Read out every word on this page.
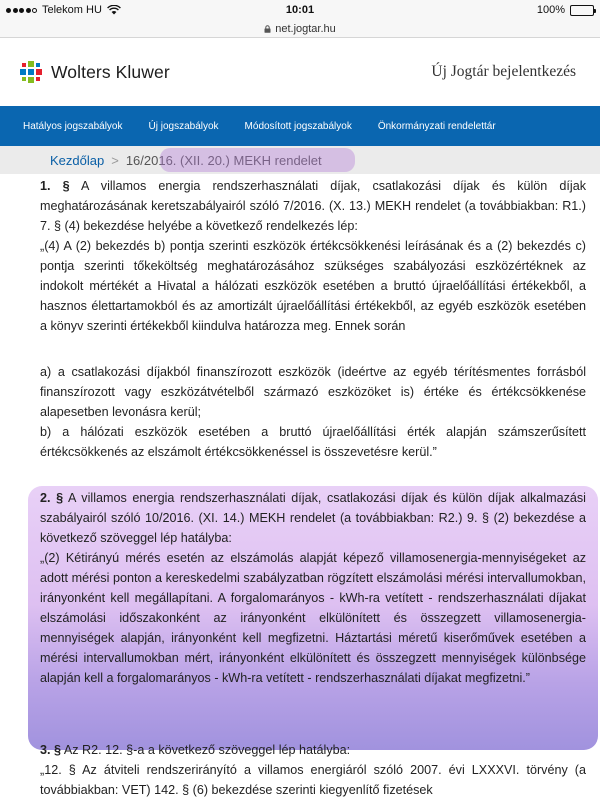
Telekom HU	10:01	100%
net.jogtar.hu
Wolters Kluwer	Új Jogtár bejelentkezés
Hatályos jogszabályok	Új jogszabályok	Módosított jogszabályok	Önkormányzati rendelettár
Kezdőlap > 16/2016. (XII. 20.) MEKH rendelet

1. § A villamos energia rendszerhasználati díjak, csatlakozási díjak és külön díjak meghatározásának keretszabályairól szóló 7/2016. (X. 13.) MEKH rendelet (a továbbiakban: R1.) 7. § (4) bekezdése helyébe a következő rendelkezés lép:

„(4) A (2) bekezdés b) pontja szerinti eszközök értékcsökkenési leírásának és a (2) bekezdés c) pontja szerinti tőkeköltség meghatározásához szükséges szabályozási eszközértéknek az indokolt mértékét a Hivatal a hálózati eszközök esetében a bruttó újraelőállítási értékekből, a hasznos élettartamokból és az amortizált újraelőállítási értékekből, az egyéb eszközök esetében a könyv szerinti értékekből kiindulva határozza meg. Ennek során

a) a csatlakozási díjakból finanszírozott eszközök (ideértve az egyéb térítésmentes forrásból finanszírozott vagy eszközátvételből származó eszközöket is) értéke és értékcsökkenése alapesetben levonásra kerül;

b) a hálózati eszközök esetében a bruttó újraelőállítási érték alapján számszerűsített értékcsökkenés az elszámolt értékcsökkenéssel is összevetésre kerül.”

2. § A villamos energia rendszerhasználati díjak, csatlakozási díjak és külön díjak alkalmazási szabályairól szóló 10/2016. (XI. 14.) MEKH rendelet (a továbbiakban: R2.) 9. § (2) bekezdése a következő szöveggel lép hatályba:

„(2) Kétirányú mérés esetén az elszámolás alapját képező villamosenergia-mennyiségeket az adott mérési ponton a kereskedelmi szabályzatban rögzített elszámolási mérési intervallumokban, irányonként kell megállapítani. A forgalomarányos - kWh-ra vetített - rendszerhasználati díjakat elszámolási időszakonként az irányonként elkülönített és összegzett villamosenergia-mennyiségek alapján, irányonként kell megfizetni. Háztartási méretű kiserőművek esetében a mérési intervallumokban mért, irányonként elkülönített és összegzett mennyiségek különbsége alapján kell a forgalomarányos - kWh-ra vetített - rendszerhasználati díjakat megfizetni.”

3. § Az R2. 12. §-a a következő szöveggel lép hatályba:

„12. § Az átviteli rendszerirányító a villamos energiáról szóló 2007. évi LXXXVI. törvény (a továbbiakban: VET) 142. § (6) bekezdése szerinti kiegyenlítő fizetések
